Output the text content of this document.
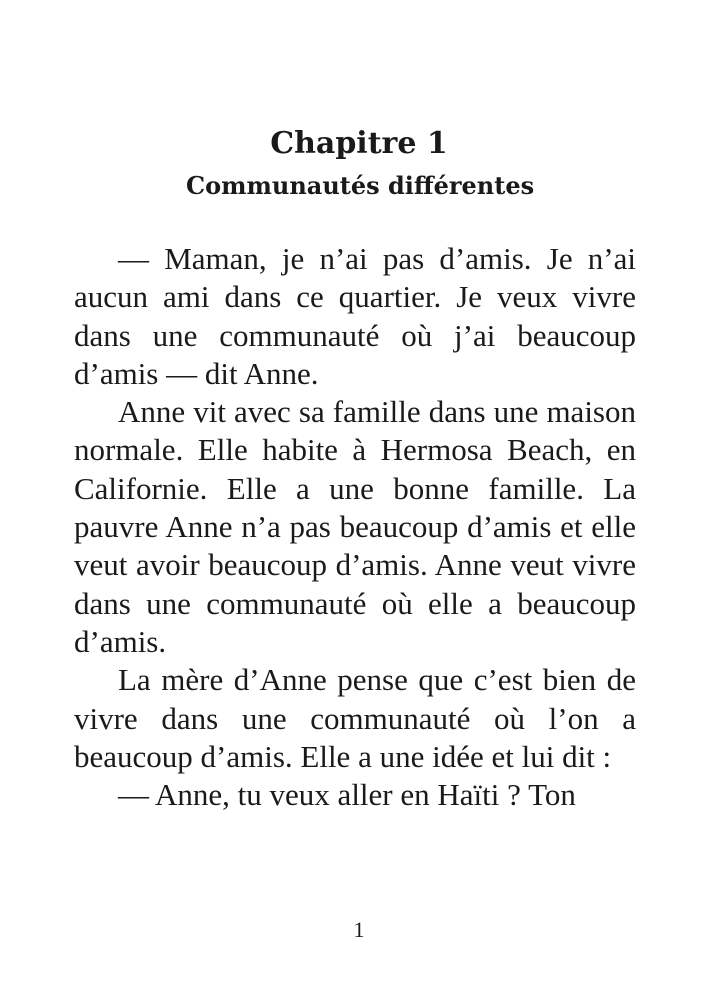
Chapitre 1
Communautés différentes

— Maman, je n’ai pas d’amis. Je n’ai aucun ami dans ce quartier. Je veux vivre dans une communauté où j’ai beaucoup d’amis — dit Anne.

Anne vit avec sa famille dans une maison normale. Elle habite à Hermosa Beach, en Californie. Elle a une bonne famille. La pauvre Anne n’a pas beaucoup d’amis et elle veut avoir beaucoup d’amis. Anne veut vivre dans une communauté où elle a beaucoup d’amis.

La mère d’Anne pense que c’est bien de vivre dans une communauté où l’on a beaucoup d’amis. Elle a une idée et lui dit :

— Anne, tu veux aller en Haïti ? Ton

1
